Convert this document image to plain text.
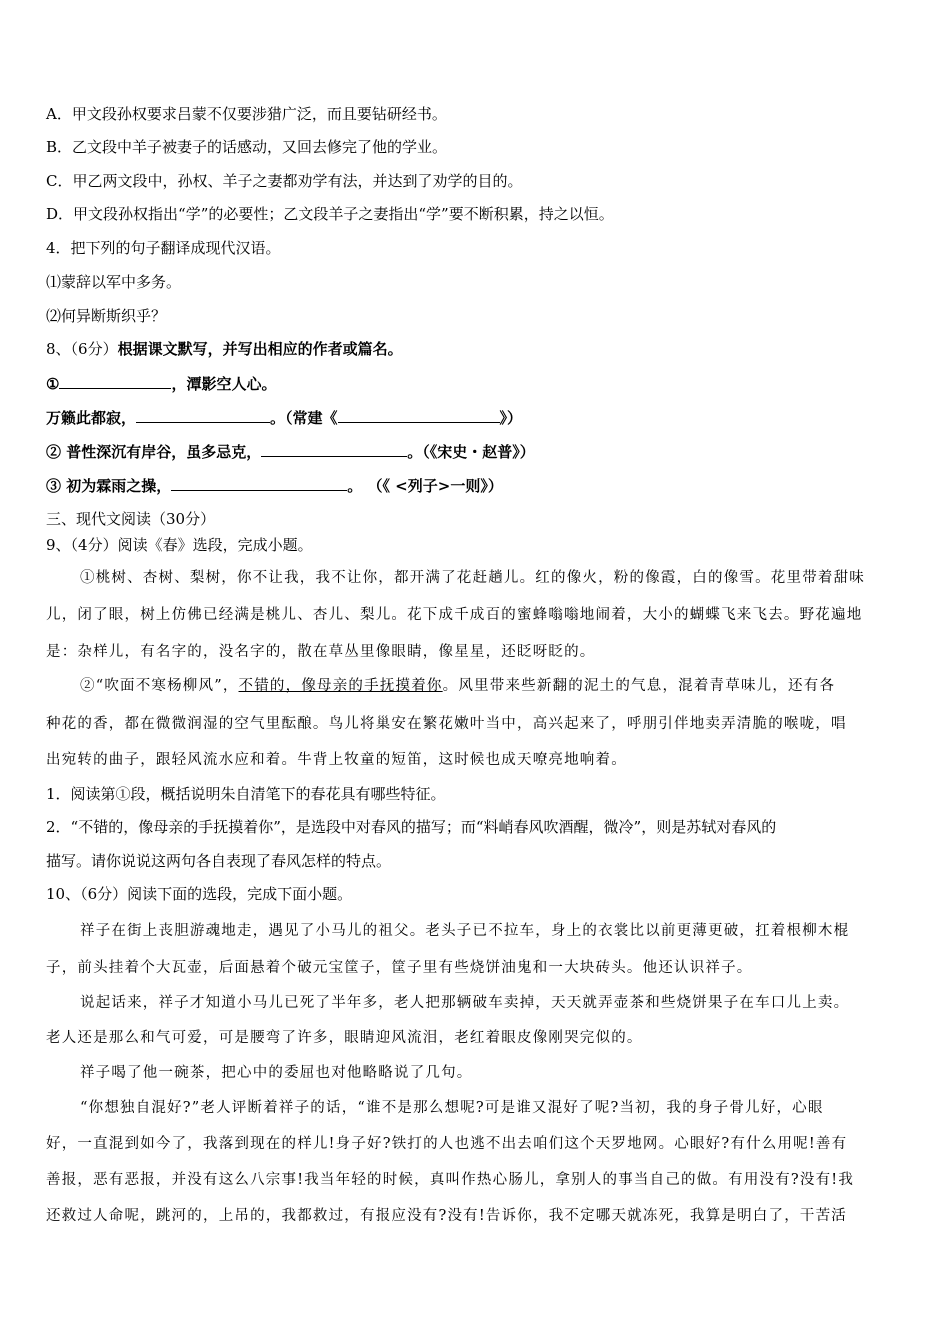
A．甲文段孙权要求吕蒙不仅要涉猎广泛，而且要钻研经书。
B．乙文段中羊子被妻子的话感动，又回去修完了他的学业。
C．甲乙两文段中，孙权、羊子之妻都劝学有法，并达到了劝学的目的。
D．甲文段孙权指出“学”的必要性；乙文段羊子之妻指出“学”要不断积累，持之以恒。
4．把下列的句子翻译成现代汉语。
⑴蒙辞以军中多务。
⑵何异断斯织乎？
8、（6分）根据课文默写，并写出相应的作者或篇名。
①	，潭影空人心。
万籁此都寂，	。（常建《	》）
② 普性深沉有岸谷，虽多忌克，	。（《宋史・赵普》）
③ 初为霖雨之操，	。 （《 <列子>一则》）
三、现代文阅读（30分）
9、（4分）阅读《春》选段，完成小题。
①桃树、杏树、梨树，你不让我，我不让你，都开满了花赶趟儿。红的像火，粉的像霞，白的像雪。花里带着甜味
儿，闭了眼，树上仿佛已经满是桃儿、杏儿、梨儿。花下成千成百的蜜蜂嗡嗡地闹着，大小的蝴蝶飞来飞去。野花遍地
是：杂样儿，有名字的，没名字的，散在草丛里像眼睛，像星星，还眨呀眨的。
②“吹面不寒杨柳风”，不错的，像母亲的手抚摸着你。风里带来些新翻的泥土的气息，混着青草味儿，还有各
种花的香，都在微微润湿的空气里酝酿。鸟儿将巢安在繁花嫩叶当中，高兴起来了，呼朋引伴地卖弄清脆的喉咙，唱
出宛转的曲子，跟轻风流水应和着。牛背上牧童的短笛，这时候也成天嘹亮地响着。
1．阅读第①段，概括说明朱自清笔下的春花具有哪些特征。
2．“不错的，像母亲的手抚摸着你”，是选段中对春风的描写；而“料峭春风吹酒醒，微冷”，则是苏轼对春风的
描写。请你说说这两句各自表现了春风怎样的特点。
10、（6分）阅读下面的选段，完成下面小题。
祥子在街上丧胆游魂地走，遇见了小马儿的祖父。老头子已不拉车，身上的衣裳比以前更薄更破，扛着根柳木棍
子，前头挂着个大瓦壶，后面悬着个破元宝筐子，筐子里有些烧饼油鬼和一大块砖头。他还认识祥子。
说起话来，祥子才知道小马儿已死了半年多，老人把那辆破车卖掉，天天就弄壶茶和些烧饼果子在车口儿上卖。
老人还是那么和气可爱，可是腰弯了许多，眼睛迎风流泪，老红着眼皮像刚哭完似的。
祥子喝了他一碗茶，把心中的委屈也对他略略说了几句。
“你想独自混好?”老人评断着祥子的话，“谁不是那么想呢?可是谁又混好了呢?当初，我的身子骨儿好，心眼
好，一直混到如今了，我落到现在的样儿!身子好?铁打的人也逃不出去咱们这个天罗地网。心眼好?有什么用呢!善有
善报，恶有恶报，并没有这么八宗事!我当年轻的时候，真叫作热心肠儿，拿别人的事当自己的做。有用没有?没有!我
还救过人命呢，跳河的，上吊的，我都救过，有报应没有?没有!告诉你，我不定哪天就冻死，我算是明白了，干苦活
